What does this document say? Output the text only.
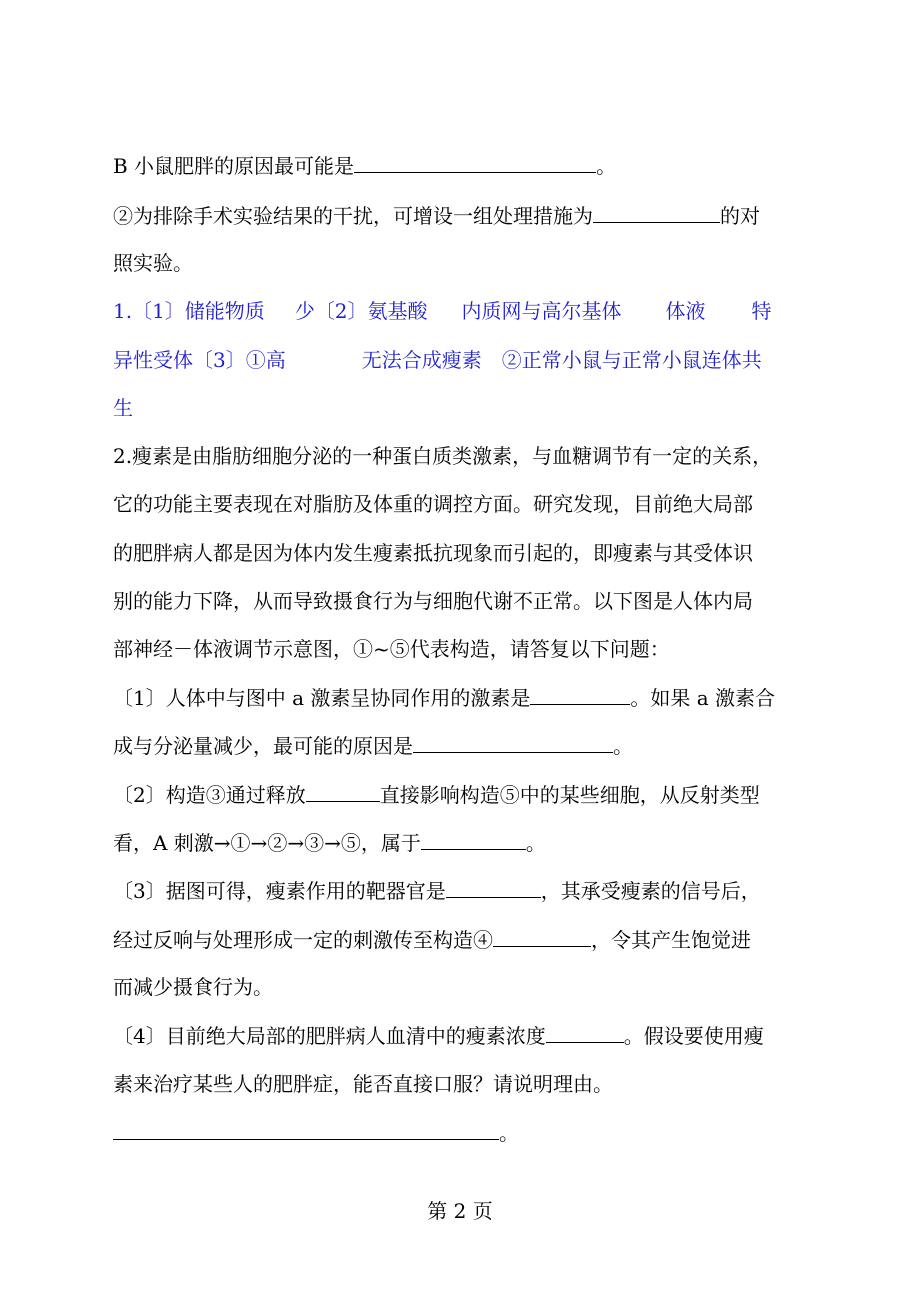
B 小鼠肥胖的原因最可能是	。
②为排除手术实验结果的干扰，可增设一组处理措施为	的对
照实验。
1.〔1〕储能物质 少〔2〕氨基酸 内质网与高尔基体 体液 特
异性受体〔3〕①高	无法合成瘦素 ②正常小鼠与正常小鼠连体共
生
2.瘦素是由脂肪细胞分泌的一种蛋白质类激素，与血糖调节有一定的关系，
它的功能主要表现在对脂肪及体重的调控方面。研究发现，目前绝大局部
的肥胖病人都是因为体内发生瘦素抵抗现象而引起的，即瘦素与其受体识
别的能力下降，从而导致摄食行为与细胞代谢不正常。以下图是人体内局
部神经－体液调节示意图，①~⑤代表构造，请答复以下问题：
〔1〕人体中与图中 a 激素呈协同作用的激素是	。如果 a 激素合
成与分泌量减少，最可能的原因是	。
〔2〕构造③通过释放	直接影响构造⑤中的某些细胞，从反射类型
看，A 刺激→①→②→③→⑤，属于	。
〔3〕据图可得，瘦素作用的靶器官是	，其承受瘦素的信号后，
经过反响与处理形成一定的刺激传至构造④	，令其产生饱觉进
而减少摄食行为。
〔4〕目前绝大局部的肥胖病人血清中的瘦素浓度	。假设要使用瘦
素来治疗某些人的肥胖症，能否直接口服？请说明理由。
。
第 2 页
